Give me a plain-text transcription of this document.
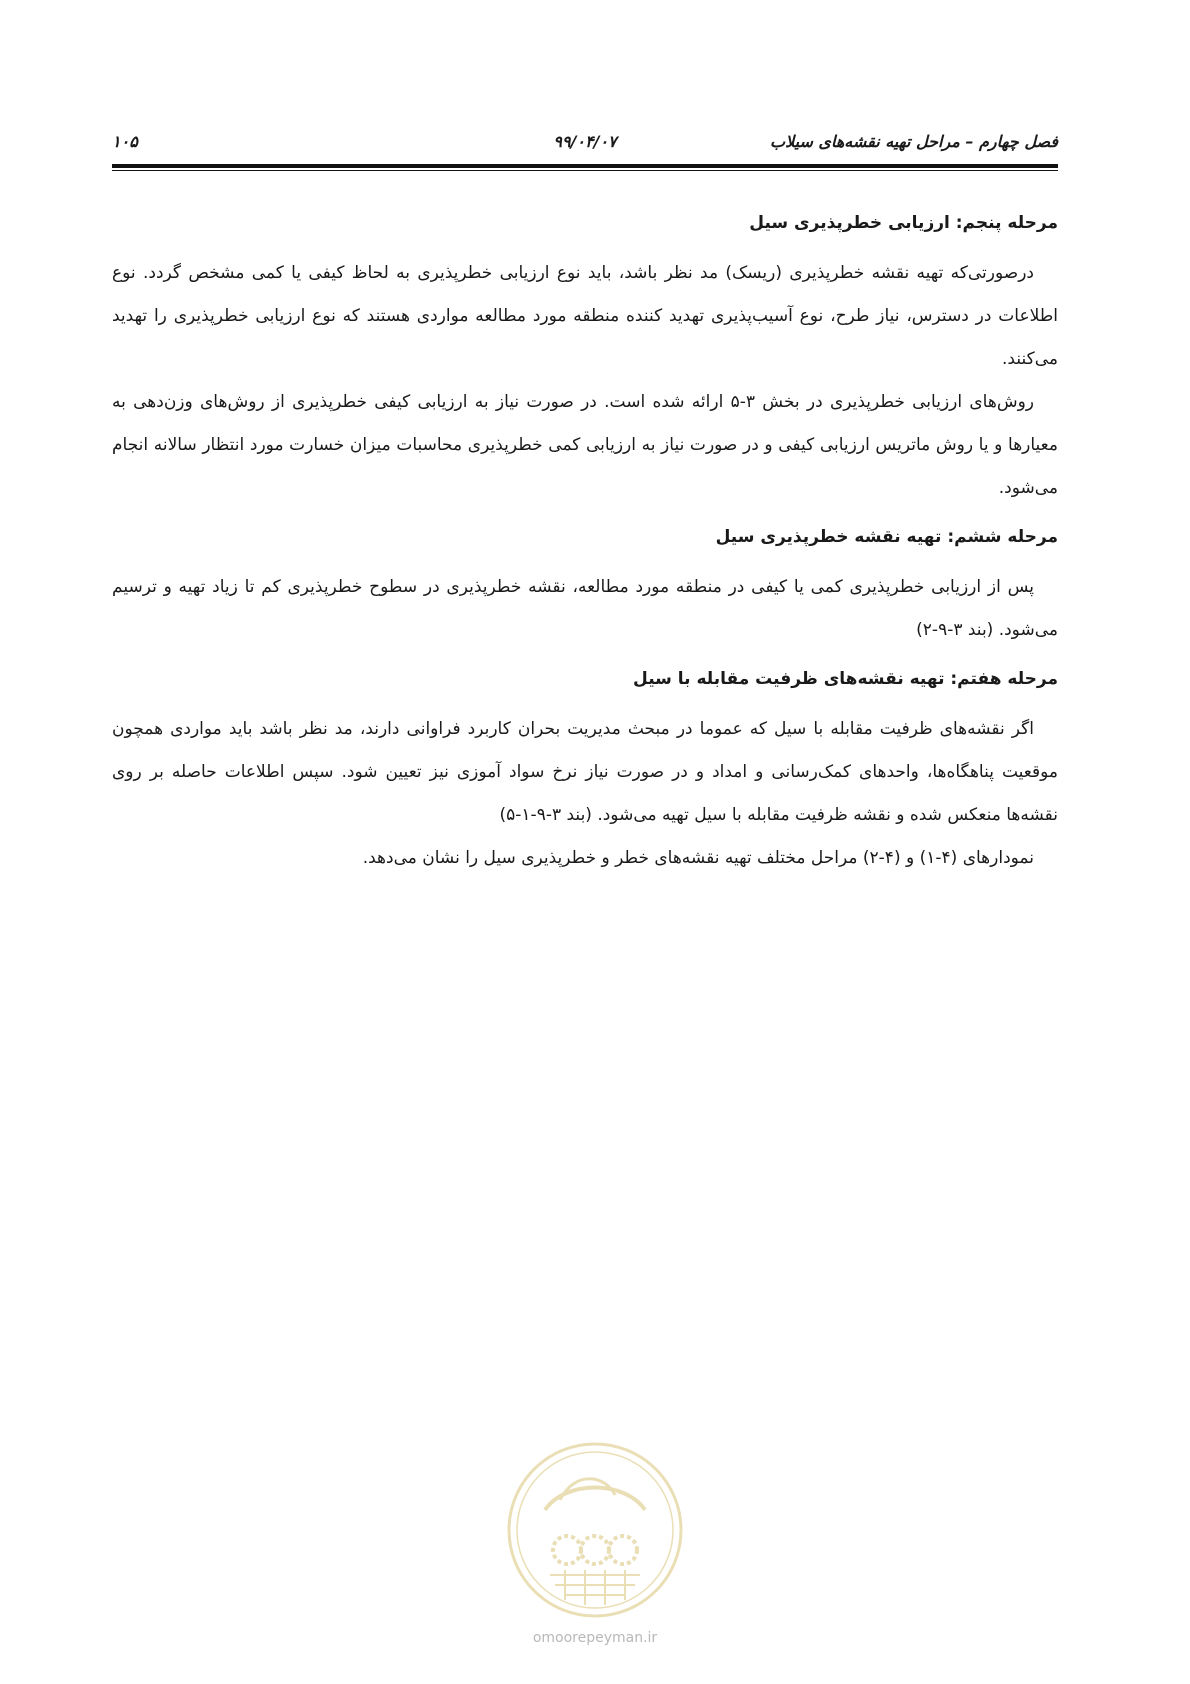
فصل چهارم – مراحل تهیه نقشه‌های سیلاب
۹۹/۰۴/۰۷
۱۰۵
مرحله پنجم: ارزیابی خطرپذیری سیل

درصورتی‌که تهیه نقشه خطرپذیری (ریسک) مد نظر باشد، باید نوع ارزیابی خطرپذیری به لحاظ کیفی یا کمی مشخص گردد. نوع اطلاعات در دسترس، نیاز طرح، نوع آسیب‌پذیری تهدید کننده منطقه مورد مطالعه مواردی هستند که نوع ارزیابی خطرپذیری را تهدید می‌کنند.

روش‌های ارزیابی خطرپذیری در بخش ۳-۵ ارائه شده است. در صورت نیاز به ارزیابی کیفی خطرپذیری از روش‌های وزن‌دهی به معیارها و یا روش ماتریس ارزیابی کیفی و در صورت نیاز به ارزیابی کمی خطرپذیری محاسبات میزان خسارت مورد انتظار سالانه انجام می‌شود.

مرحله ششم: تهیه نقشه خطرپذیری سیل

پس از ارزیابی خطرپذیری کمی یا کیفی در منطقه مورد مطالعه، نقشه خطرپذیری در سطوح خطرپذیری کم تا زیاد تهیه و ترسیم می‌شود. (بند ۳-۹-۲)

مرحله هفتم: تهیه نقشه‌های ظرفیت مقابله با سیل

اگر نقشه‌های ظرفیت مقابله با سیل که عموما در مبحث مدیریت بحران کاربرد فراوانی دارند، مد نظر باشد باید مواردی همچون موقعیت پناهگاه‌ها، واحدهای کمک‌رسانی و امداد و در صورت نیاز نرخ سواد آموزی نیز تعیین شود. سپس اطلاعات حاصله بر روی نقشه‌ها منعکس شده و نقشه ظرفیت مقابله با سیل تهیه می‌شود. (بند ۳-۹-۱-۵)

نمودارهای (۴-۱) و (۴-۲) مراحل مختلف تهیه نقشه‌های خطر و خطرپذیری سیل را نشان می‌دهد.

omoorepeyman.ir
